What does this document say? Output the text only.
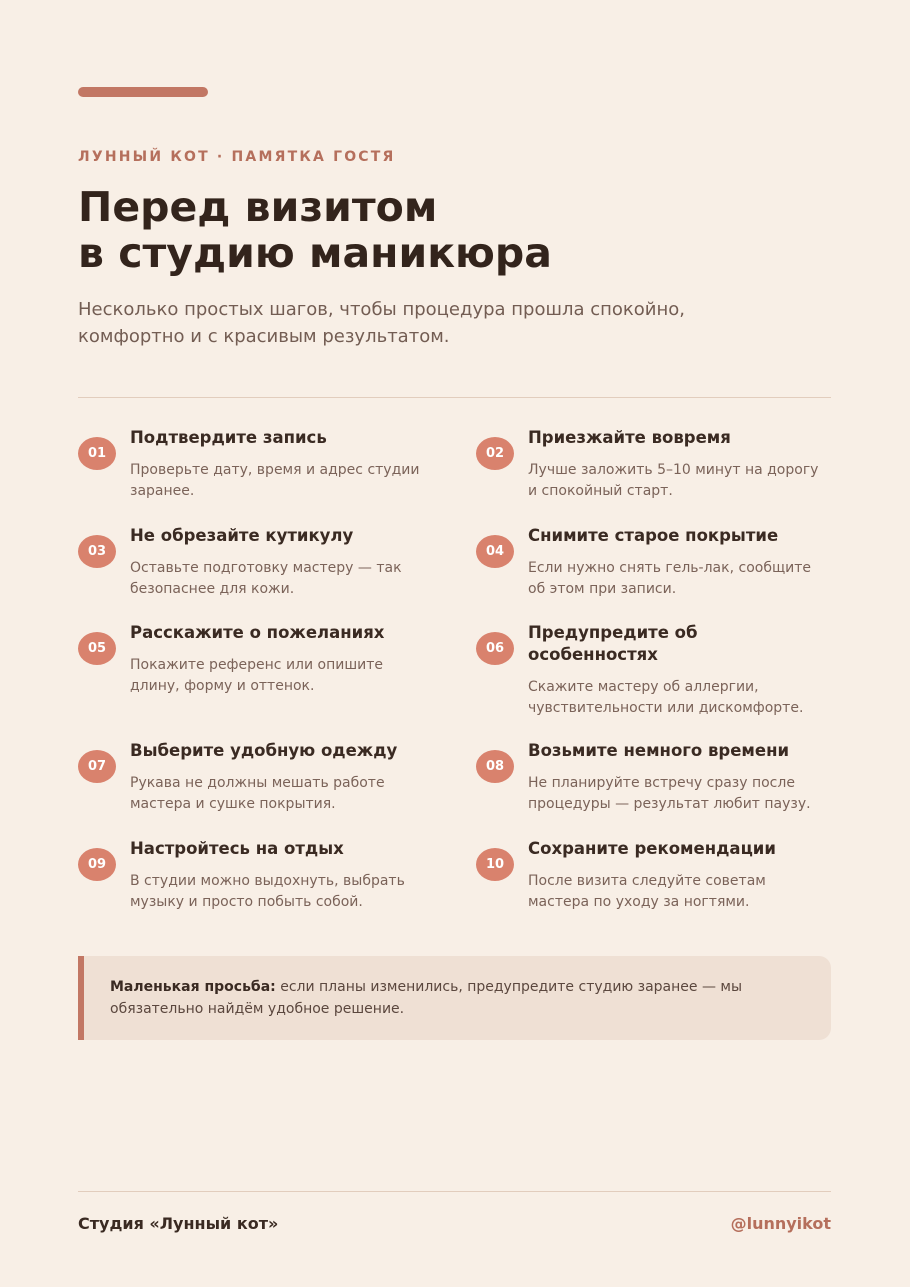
ЛУННЫЙ КОТ · ПАМЯТКА ГОСТЯ
Перед визитом
в студию маникюра

Несколько простых шагов, чтобы процедура прошла спокойно, комфортно и с красивым результатом.

01
Подтвердите запись
Проверьте дату, время и адрес студии заранее.
02
Приезжайте вовремя
Лучше заложить 5–10 минут на дорогу и спокойный старт.
03
Не обрезайте кутикулу
Оставьте подготовку мастеру — так безопаснее для кожи.
04
Снимите старое покрытие
Если нужно снять гель-лак, сообщите об этом при записи.
05
Расскажите о пожеланиях
Покажите референс или опишите длину, форму и оттенок.
06
Предупредите об особенностях
Скажите мастеру об аллергии, чувствительности или дискомфорте.
07
Выберите удобную одежду
Рукава не должны мешать работе мастера и сушке покрытия.
08
Возьмите немного времени
Не планируйте встречу сразу после процедуры — результат любит паузу.
09
Настройтесь на отдых
В студии можно выдохнуть, выбрать музыку и просто побыть собой.
10
Сохраните рекомендации
После визита следуйте советам мастера по уходу за ногтями.
Маленькая просьба: если планы изменились, предупредите студию заранее — мы обязательно найдём удобное решение.
Студия «Лунный кот»	@lunnyikot
